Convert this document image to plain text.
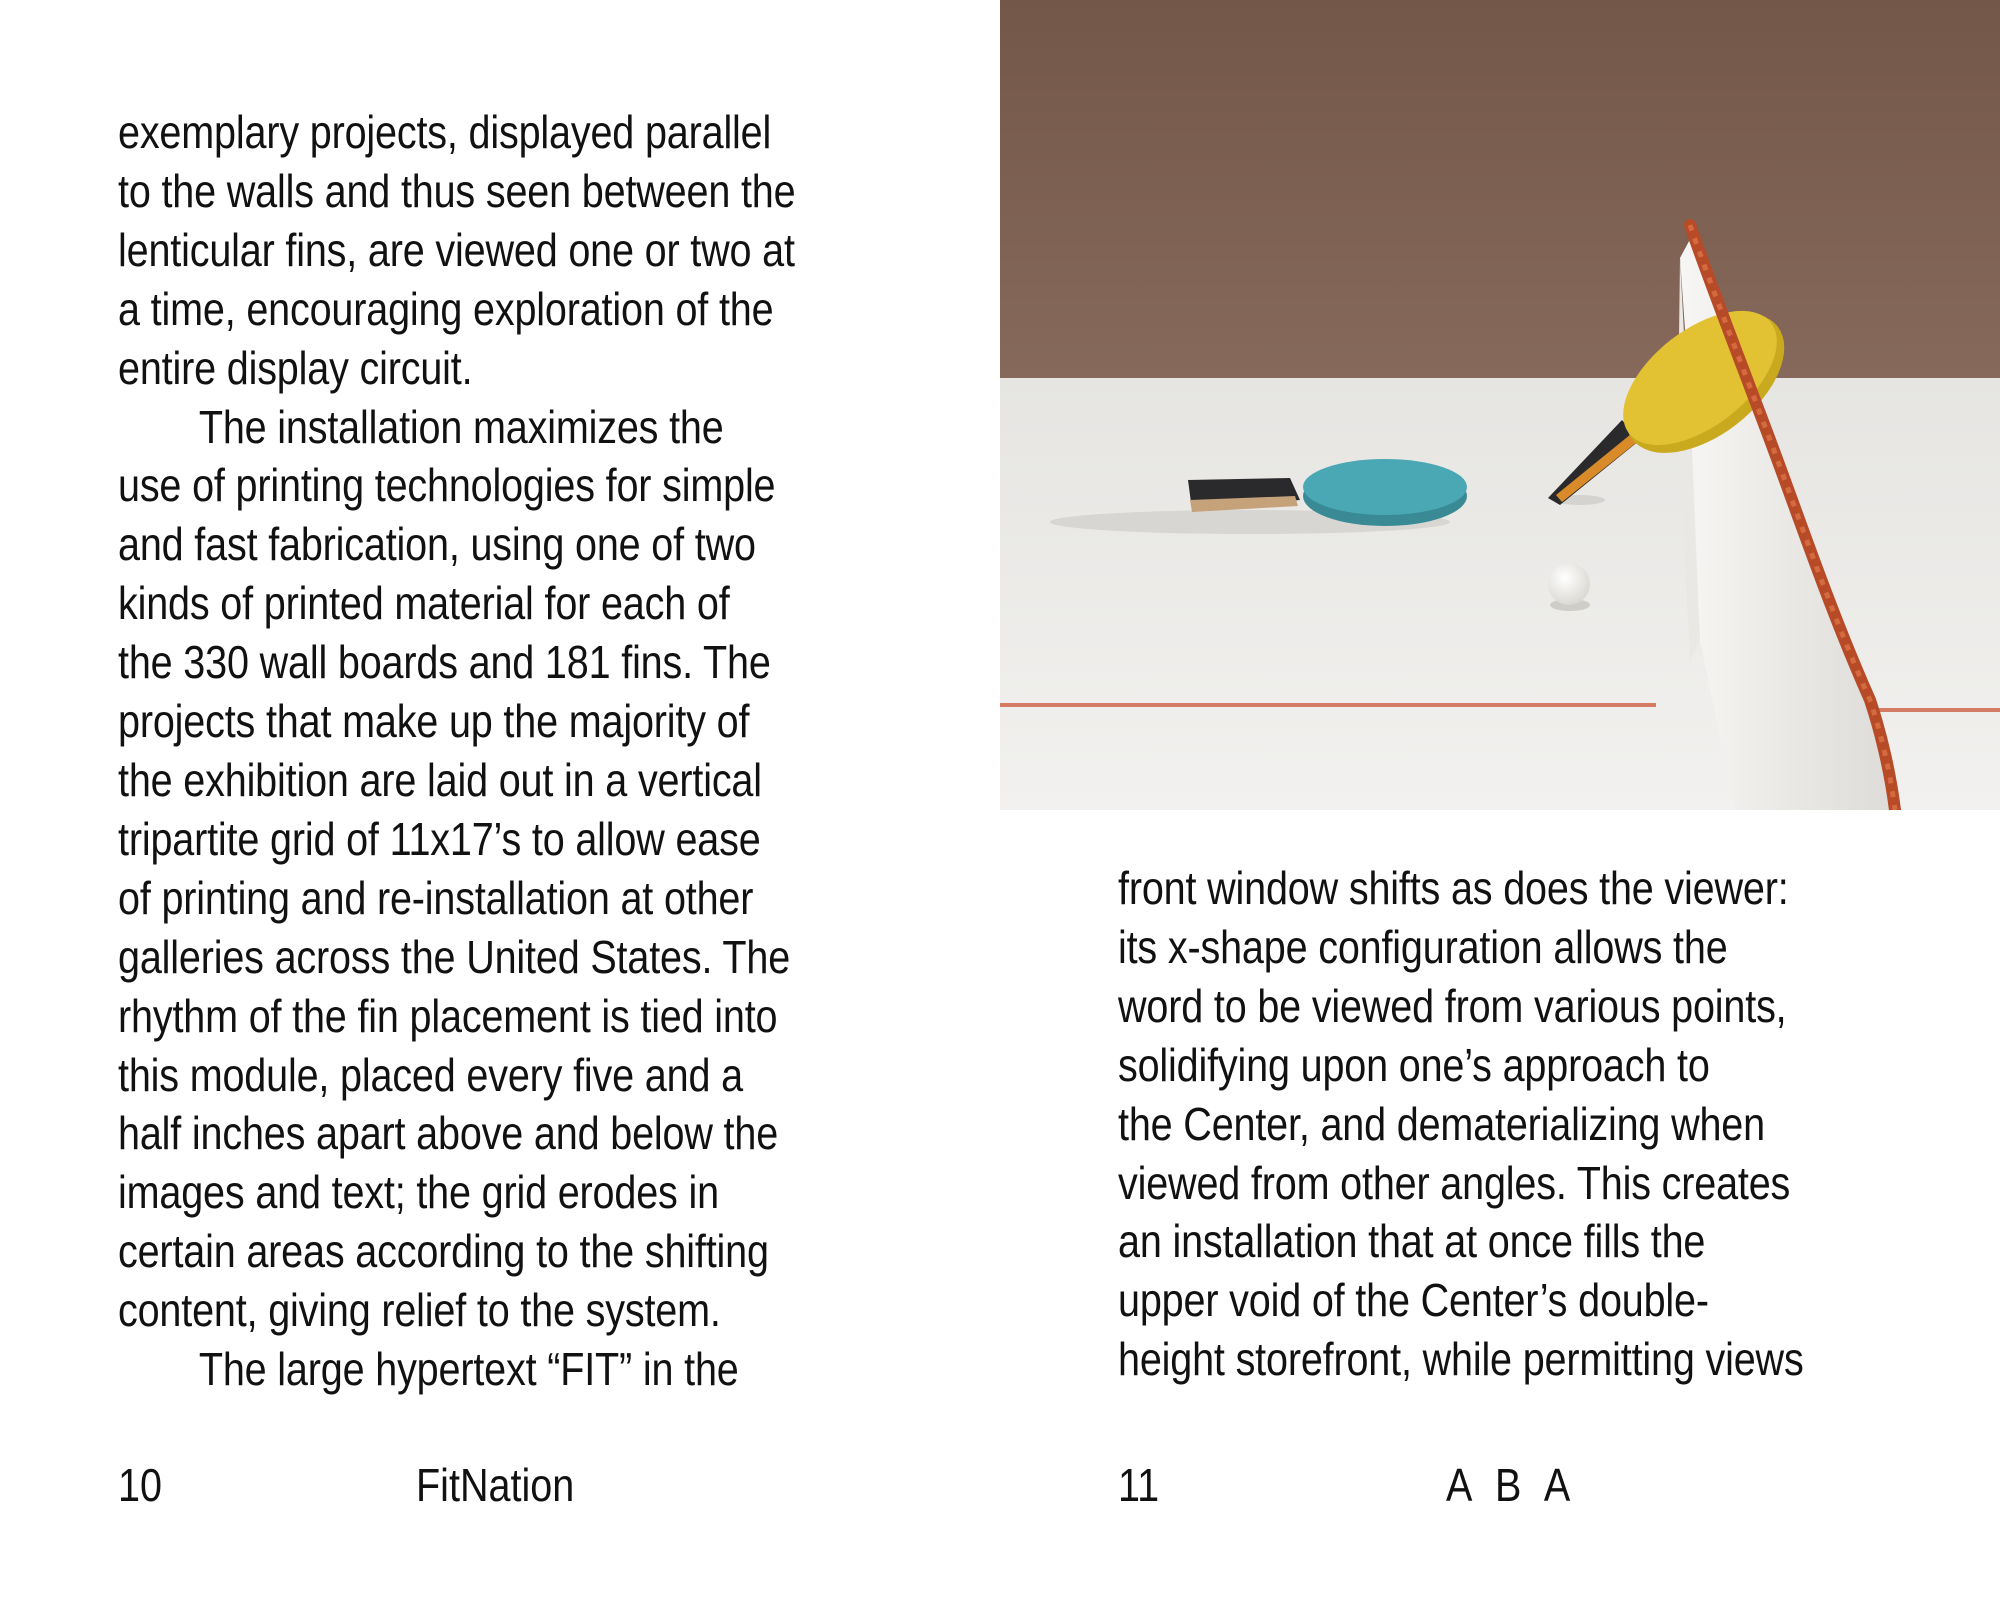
exemplary projects, displayed parallel
to the walls and thus seen between the
lenticular fins, are viewed one or two at
a time, encouraging exploration of the
entire display circuit.
The installation maximizes the
use of printing technologies for simple
and fast fabrication, using one of two
kinds of printed material for each of
the 330 wall boards and 181 fins. The
projects that make up the majority of
the exhibition are laid out in a vertical
tripartite grid of 11x17’s to allow ease
of printing and re-installation at other
galleries across the United States. The
rhythm of the fin placement is tied into
this module, placed every five and a
half inches apart above and below the
images and text; the grid erodes in
certain areas according to the shifting
content, giving relief to the system.
The large hypertext “FIT” in the
10	FitNation
front window shifts as does the viewer:
its x-shape configuration allows the
word to be viewed from various points,
solidifying upon one’s approach to
the Center, and dematerializing when
viewed from other angles. This creates
an installation that at once fills the
upper void of the Center’s double-
height storefront, while permitting views
11	A B A
